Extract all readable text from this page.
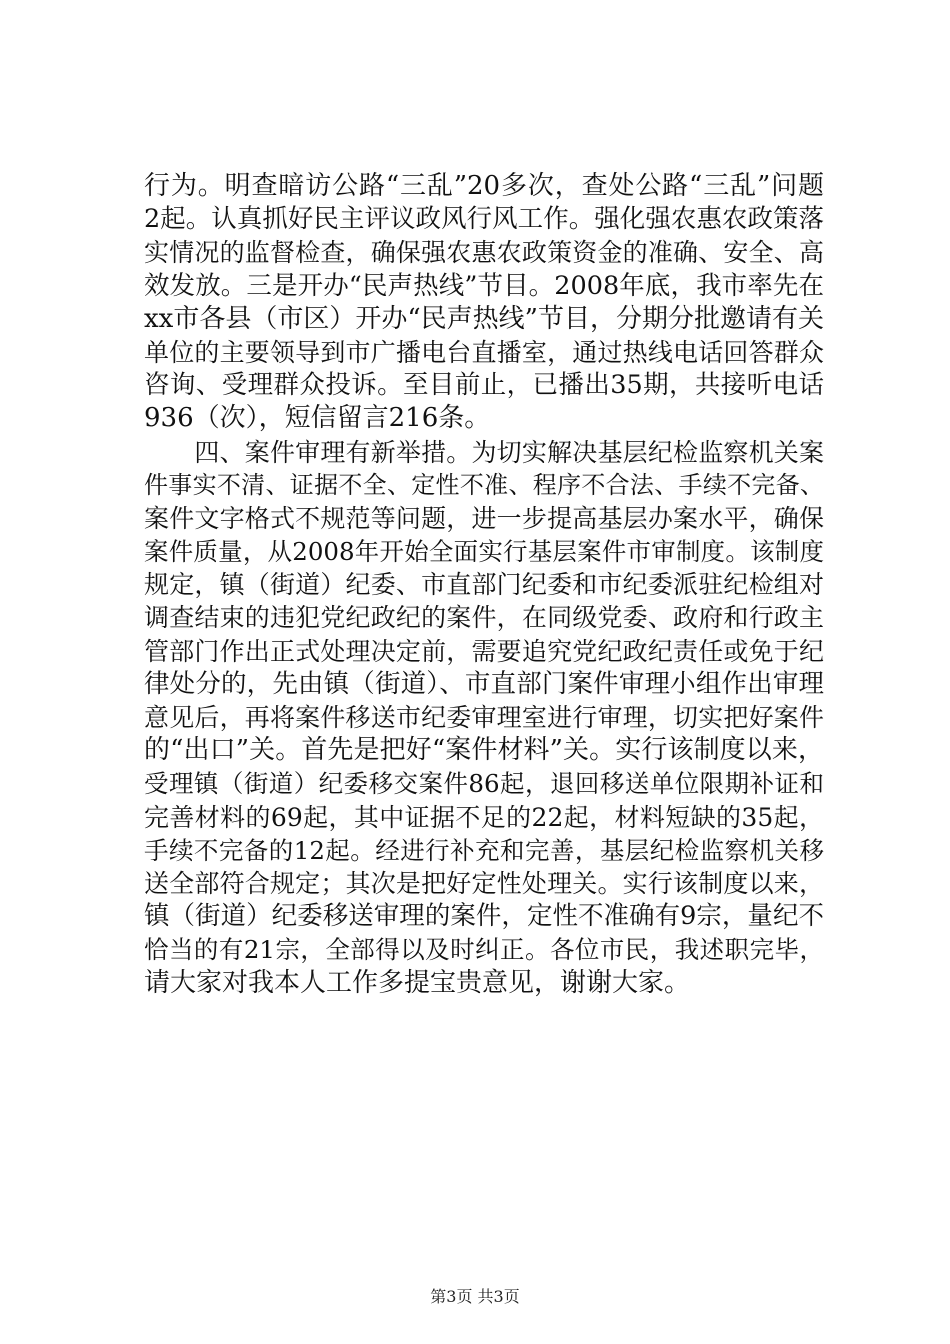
行为。明查暗访公路“三乱”20多次，查处公路“三乱”问题
2起。认真抓好民主评议政风行风工作。强化强农惠农政策落
实情况的监督检查，确保强农惠农政策资金的准确、安全、高
效发放。三是开办“民声热线”节目。2008年底，我市率先在
xx市各县（市区）开办“民声热线”节目，分期分批邀请有关
单位的主要领导到市广播电台直播室，通过热线电话回答群众
咨询、受理群众投诉。至目前止，已播出35期，共接听电话
936（次），短信留言216条。
　　四、案件审理有新举措。为切实解决基层纪检监察机关案
件事实不清、证据不全、定性不准、程序不合法、手续不完备、
案件文字格式不规范等问题，进一步提高基层办案水平，确保
案件质量，从2008年开始全面实行基层案件市审制度。该制度
规定，镇（街道）纪委、市直部门纪委和市纪委派驻纪检组对
调查结束的违犯党纪政纪的案件，在同级党委、政府和行政主
管部门作出正式处理决定前，需要追究党纪政纪责任或免于纪
律处分的，先由镇（街道）、市直部门案件审理小组作出审理
意见后，再将案件移送市纪委审理室进行审理，切实把好案件
的“出口”关。首先是把好“案件材料”关。实行该制度以来，
受理镇（街道）纪委移交案件86起，退回移送单位限期补证和
完善材料的69起，其中证据不足的22起，材料短缺的35起，
手续不完备的12起。经进行补充和完善，基层纪检监察机关移
送全部符合规定；其次是把好定性处理关。实行该制度以来，
镇（街道）纪委移送审理的案件，定性不准确有9宗，量纪不
恰当的有21宗，全部得以及时纠正。各位市民，我述职完毕，
请大家对我本人工作多提宝贵意见，谢谢大家。
第3页 共3页
